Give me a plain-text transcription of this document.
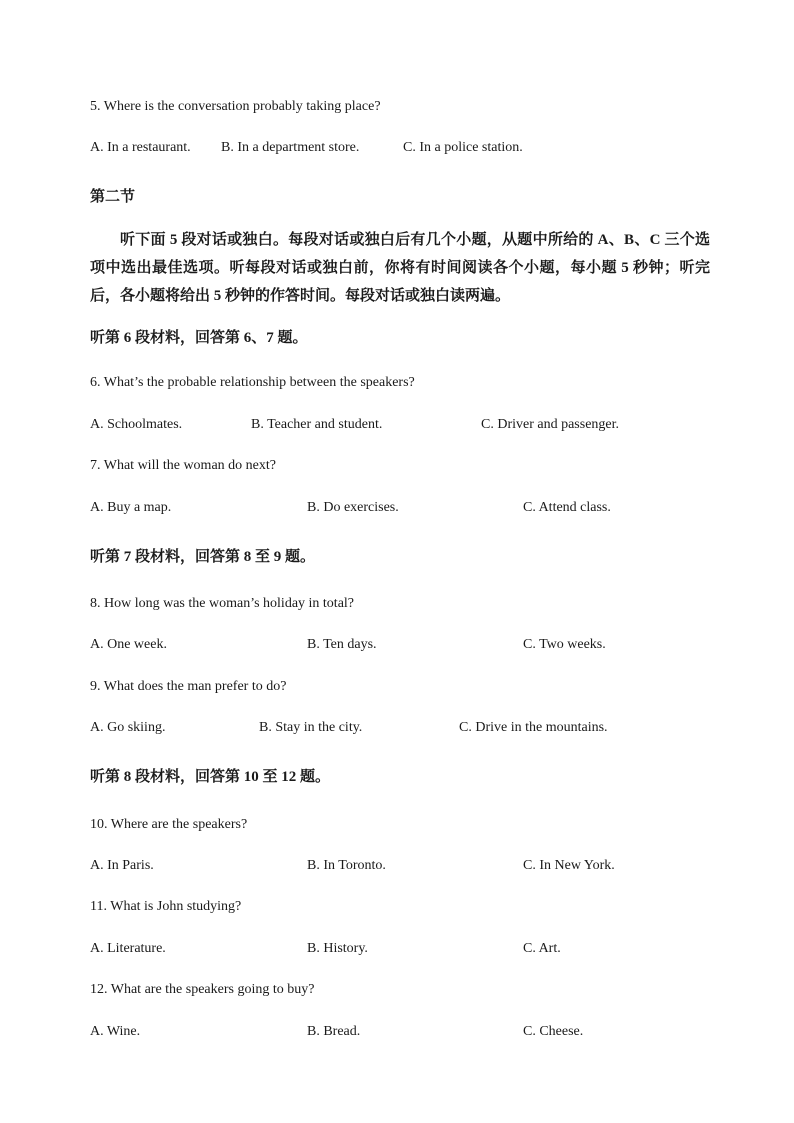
5. Where is the conversation probably taking place?
A. In a restaurant. B. In a department store.	C. In a police station.
第二节
听下面 5 段对话或独白。每段对话或独白后有几个小题，从题中所给的 A、B、C 三个选项中选出最佳选项。听每段对话或独白前，你将有时间阅读各个小题，每小题 5 秒钟；听完后，各小题将给出 5 秒钟的作答时间。每段对话或独白读两遍。
听第 6 段材料，回答第 6、7 题。
6. What’s the probable relationship between the speakers?
A. Schoolmates.	B. Teacher and student.	C. Driver and passenger.
7. What will the woman do next?
A. Buy a map.	B. Do exercises.	C. Attend class.
听第 7 段材料，回答第 8 至 9 题。
8. How long was the woman’s holiday in total?
A. One week.	B. Ten days.	C. Two weeks.
9. What does the man prefer to do?
A. Go skiing.	B. Stay in the city.	C. Drive in the mountains.
听第 8 段材料，回答第 10 至 12 题。
10. Where are the speakers?
A. In Paris.	B. In Toronto.	C. In New York.
11. What is John studying?
A. Literature.	B. History.	C. Art.
12. What are the speakers going to buy?
A. Wine.	B. Bread.	C. Cheese.
